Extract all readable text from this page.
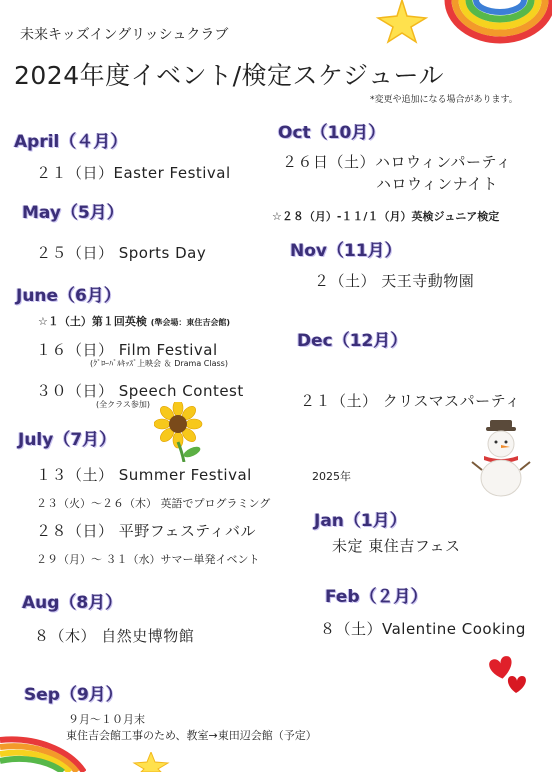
未来キッズイングリッシュクラブ
2024年度イベント/検定スケジュール
*変更や追加になる場合があります。
April（４月）
２１（日）Easter Festival
May（5月）
２５（日） Sports Day
June（6月）
☆１（土）第１回英検 (準会場：東住吉会館)
１６（日） Film Festival
(ｸﾞﾛｰﾊﾞﾙｷｯｽﾞ上映会 ＆ Drama Class)
３０（日） Speech Contest
(全クラス参加)
July（7月）
１３（土） Summer Festival
２３（火）～２６（木） 英語でプログラミング
２８（日） 平野フェスティバル
２９（月）～ ３１（水）サマー単発イベント
Aug（8月）
８（木） 自然史博物館
Sep（9月）
９月～１０月末
東住吉会館工事のため、教室→東田辺会館（予定）
Oct（10月）
２６日（土）ハロウィンパーティ
ハロウィンナイト
☆２８（月）-１１/１（月）英検ジュニア検定
Nov（11月）
２（土） 天王寺動物園
Dec（12月）
２１（土） クリスマスパーティ
2025年
Jan（1月）
未定 東住吉フェス
Feb（２月）
８（土）Valentine Cooking
